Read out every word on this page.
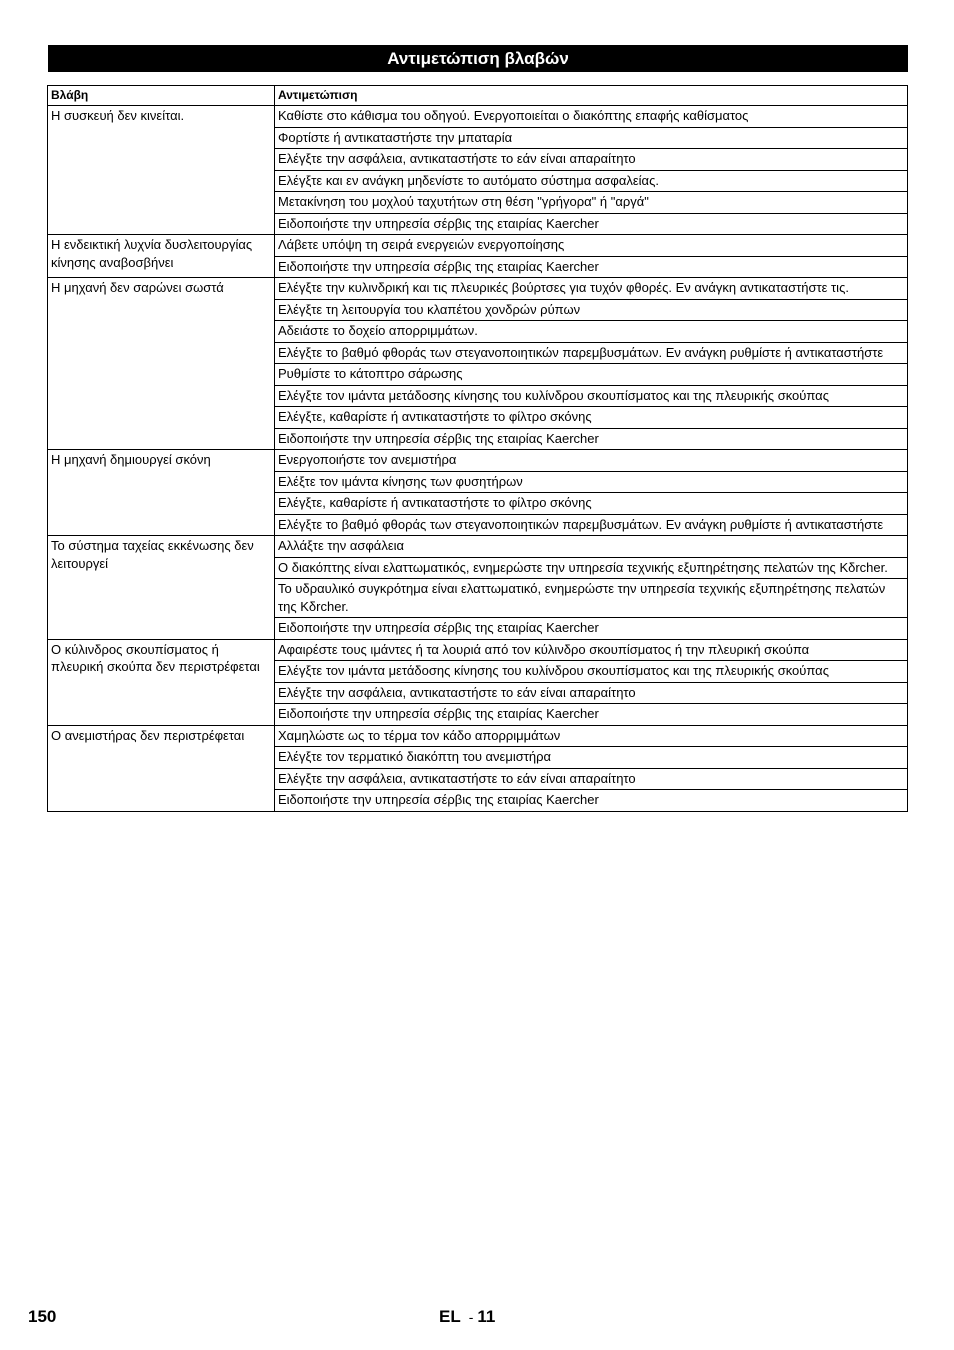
Αντιμετώπιση βλαβών
Βλάβη	Αντιμετώπιση
Η συσκευή δεν κινείται.	Καθίστε στο κάθισμα του οδηγού. Ενεργοποιείται ο διακόπτης επαφής καθίσματος
	Φορτίστε ή αντικαταστήστε την μπαταρία
	Ελέγξτε την ασφάλεια, αντικαταστήστε το εάν είναι απαραίτητο
	Ελέγξτε και εν ανάγκη μηδενίστε το αυτόματο σύστημα ασφαλείας.
	Μετακίνηση του μοχλού ταχυτήτων στη θέση "γρήγορα" ή "αργά"
	Ειδοποιήστε την υπηρεσία σέρβις της εταιρίας Kaercher
Η ενδεικτική λυχνία δυσλειτουργίας κίνησης αναβοσβήνει	Λάβετε υπόψη τη σειρά ενεργειών ενεργοποίησης
	Ειδοποιήστε την υπηρεσία σέρβις της εταιρίας Kaercher
Η μηχανή δεν σαρώνει σωστά	Ελέγξτε την κυλινδρική και τις πλευρικές βούρτσες για τυχόν φθορές. Εν ανάγκη αντικαταστήστε τις.
	Ελέγξτε τη λειτουργία του κλαπέτου χονδρών ρύπων
	Αδειάστε το δοχείο απορριμμάτων.
	Ελέγξτε το βαθμό φθοράς των στεγανοποιητικών παρεμβυσμάτων. Εν ανάγκη ρυθμίστε ή αντικαταστήστε
	Ρυθμίστε το κάτοπτρο σάρωσης
	Ελέγξτε τον ιμάντα μετάδοσης κίνησης του κυλίνδρου σκουπίσματος και της πλευρικής σκούπας
	Ελέγξτε, καθαρίστε ή αντικαταστήστε το φίλτρο σκόνης
	Ειδοποιήστε την υπηρεσία σέρβις της εταιρίας Kaercher
Η μηχανή δημιουργεί σκόνη	Ενεργοποιήστε τον ανεμιστήρα
	Ελέξτε τον ιμάντα κίνησης των φυσητήρων
	Ελέγξτε, καθαρίστε ή αντικαταστήστε το φίλτρο σκόνης
	Ελέγξτε το βαθμό φθοράς των στεγανοποιητικών παρεμβυσμάτων. Εν ανάγκη ρυθμίστε ή αντικαταστήστε
Το σύστημα ταχείας εκκένωσης δεν λειτουργεί	Αλλάξτε την ασφάλεια
	Ο διακόπτης είναι ελαττωματικός, ενημερώστε την υπηρεσία τεχνικής εξυπηρέτησης πελατών της Kδrcher.
	Το υδραυλικό συγκρότημα είναι ελαττωματικό, ενημερώστε την υπηρεσία τεχνικής εξυπηρέτησης πελατών της Kδrcher.
	Ειδοποιήστε την υπηρεσία σέρβις της εταιρίας Kaercher
Ο κύλινδρος σκουπίσματος ή πλευρική σκούπα δεν περιστρέφεται	Αφαιρέστε τους ιμάντες ή τα λουριά από τον κύλινδρο σκουπίσματος ή την πλευρική σκούπα
	Ελέγξτε τον ιμάντα μετάδοσης κίνησης του κυλίνδρου σκουπίσματος και της πλευρικής σκούπας
	Ελέγξτε την ασφάλεια, αντικαταστήστε το εάν είναι απαραίτητο
	Ειδοποιήστε την υπηρεσία σέρβις της εταιρίας Kaercher
Ο ανεμιστήρας δεν περιστρέφεται	Χαμηλώστε ως το τέρμα τον κάδο απορριμμάτων
	Ελέγξτε τον τερματικό διακόπτη του ανεμιστήρα
	Ελέγξτε την ασφάλεια, αντικαταστήστε το εάν είναι απαραίτητο
	Ειδοποιήστε την υπηρεσία σέρβις της εταιρίας Kaercher
150	EL - 11
